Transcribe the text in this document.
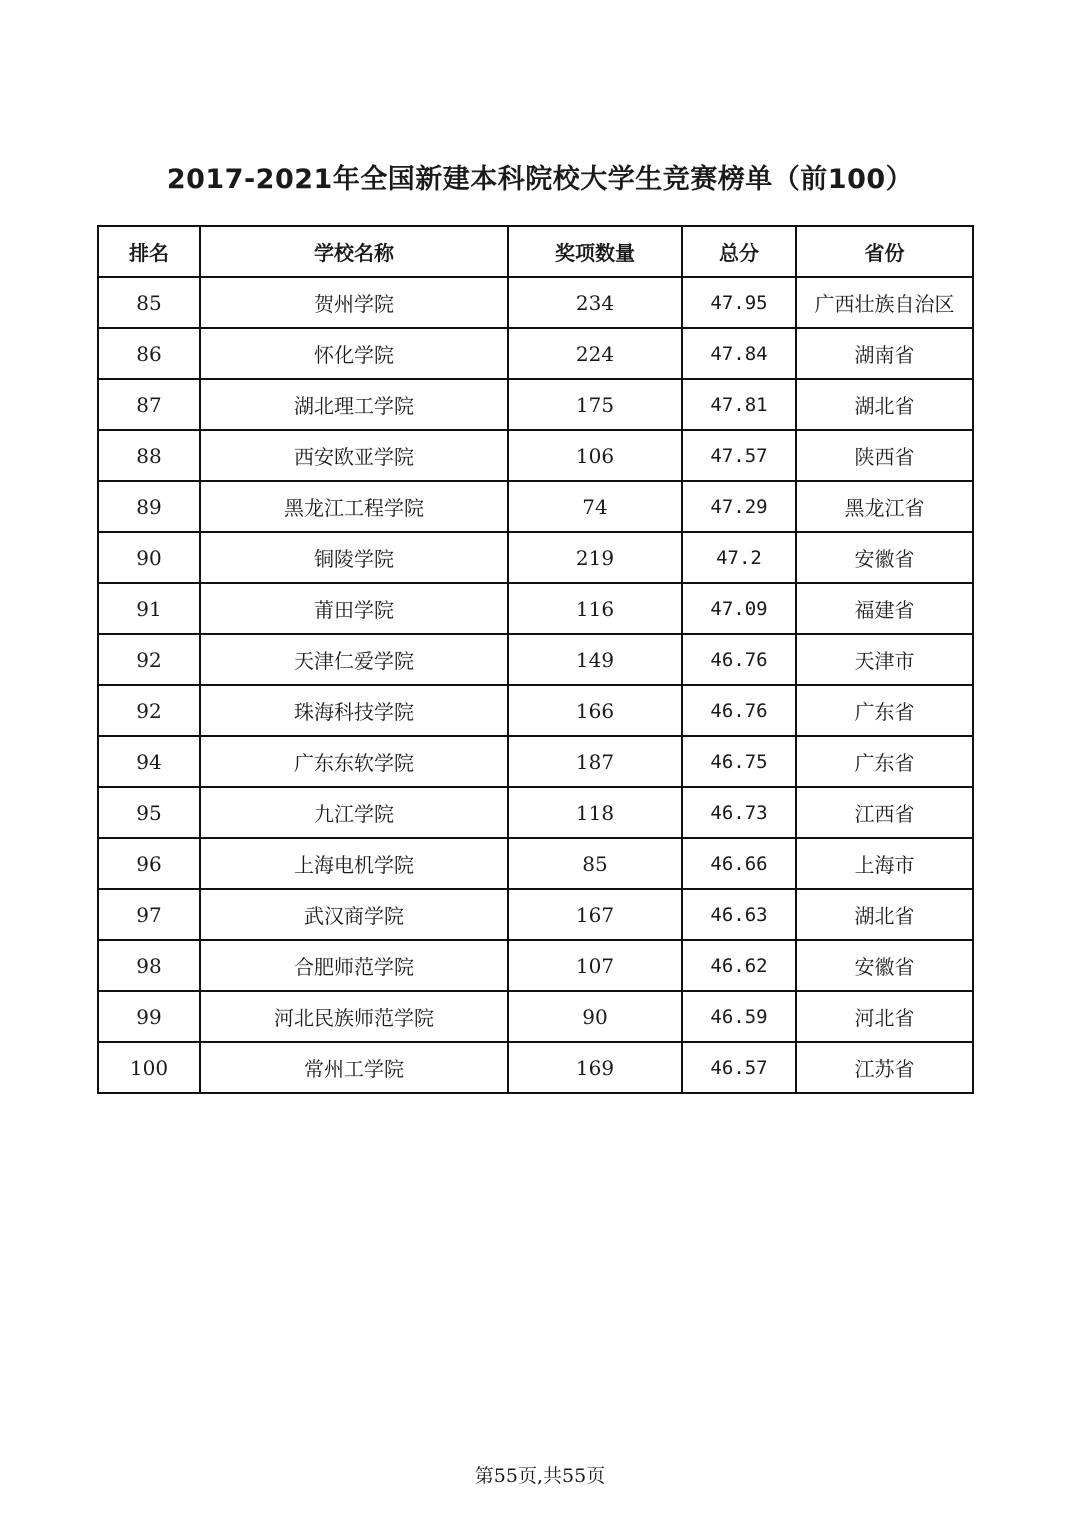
2017-2021年全国新建本科院校大学生竞赛榜单（前100）
排名	学校名称	奖项数量	总分	省份
85	贺州学院	234	47.95	广西壮族自治区
86	怀化学院	224	47.84	湖南省
87	湖北理工学院	175	47.81	湖北省
88	西安欧亚学院	106	47.57	陕西省
89	黑龙江工程学院	74	47.29	黑龙江省
90	铜陵学院	219	47.2	安徽省
91	莆田学院	116	47.09	福建省
92	天津仁爱学院	149	46.76	天津市
92	珠海科技学院	166	46.76	广东省
94	广东东软学院	187	46.75	广东省
95	九江学院	118	46.73	江西省
96	上海电机学院	85	46.66	上海市
97	武汉商学院	167	46.63	湖北省
98	合肥师范学院	107	46.62	安徽省
99	河北民族师范学院	90	46.59	河北省
100	常州工学院	169	46.57	江苏省
第55页,共55页
